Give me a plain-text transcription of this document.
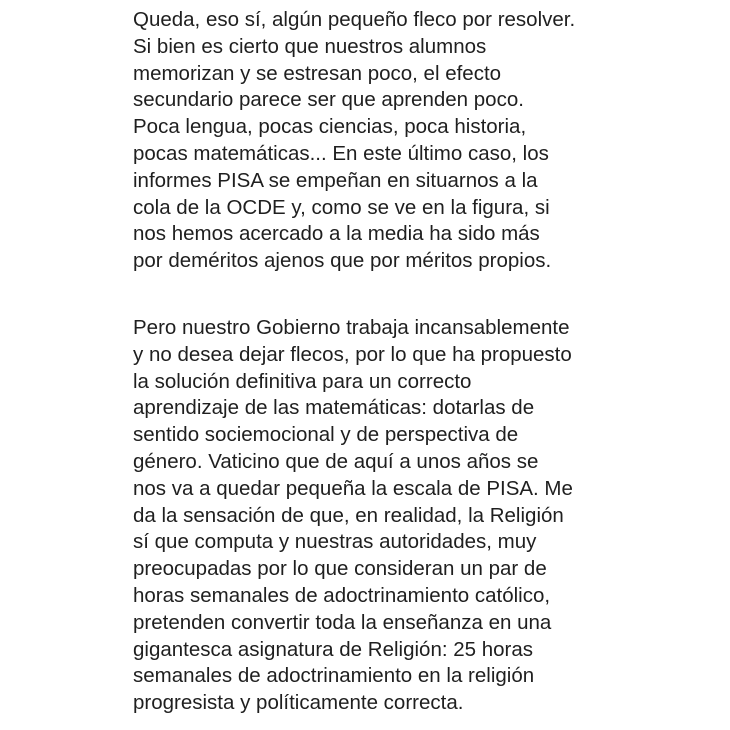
Queda, eso sí, algún pequeño fleco por resolver.
Si bien es cierto que nuestros alumnos
memorizan y se estresan poco, el efecto
secundario parece ser que aprenden poco.
Poca lengua, pocas ciencias, poca historia,
pocas matemáticas... En este último caso, los
informes PISA se empeñan en situarnos a la
cola de la OCDE y, como se ve en la figura, si
nos hemos acercado a la media ha sido más
por deméritos ajenos que por méritos propios.

Pero nuestro Gobierno trabaja incansablemente
y no desea dejar flecos, por lo que ha propuesto
la solución definitiva para un correcto
aprendizaje de las matemáticas: dotarlas de
sentido sociemocional y de perspectiva de
género. Vaticino que de aquí a unos años se
nos va a quedar pequeña la escala de PISA. Me
da la sensación de que, en realidad, la Religión
sí que computa y nuestras autoridades, muy
preocupadas por lo que consideran un par de
horas semanales de adoctrinamiento católico,
pretenden convertir toda la enseñanza en una
gigantesca asignatura de Religión: 25 horas
semanales de adoctrinamiento en la religión
progresista y políticamente correcta.
